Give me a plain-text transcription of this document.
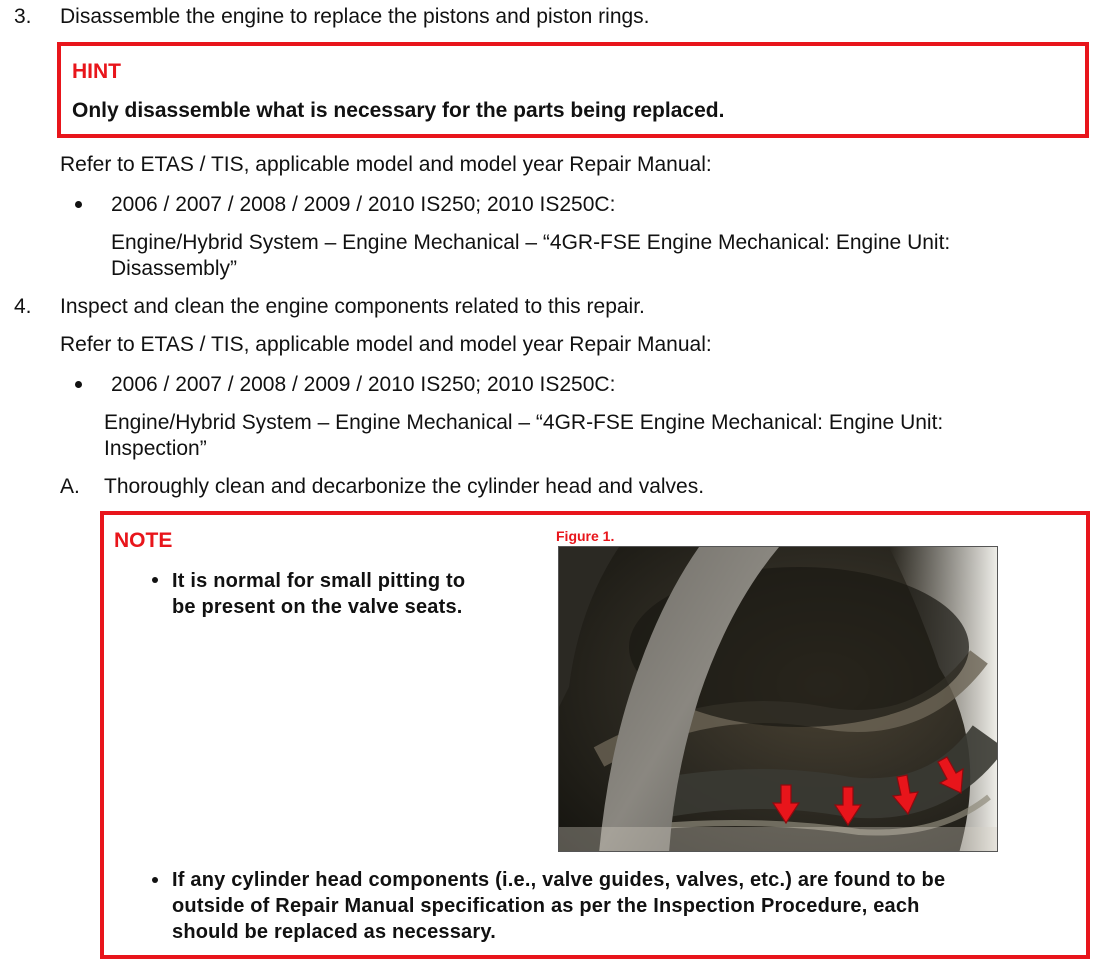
3. Disassemble the engine to replace the pistons and piston rings.
HINT
Only disassemble what is necessary for the parts being replaced.
Refer to ETAS / TIS, applicable model and model year Repair Manual:
2006 / 2007 / 2008 / 2009 / 2010 IS250; 2010 IS250C:
Engine/Hybrid System – Engine Mechanical – “4GR-FSE Engine Mechanical: Engine Unit:
Disassembly”
4. Inspect and clean the engine components related to this repair.
Refer to ETAS / TIS, applicable model and model year Repair Manual:
2006 / 2007 / 2008 / 2009 / 2010 IS250; 2010 IS250C:
Engine/Hybrid System – Engine Mechanical – “4GR-FSE Engine Mechanical: Engine Unit:
Inspection”
A. Thoroughly clean and decarbonize the cylinder head and valves.
NOTE
It is normal for small pitting to
be present on the valve seats.
Figure 1.
If any cylinder head components (i.e., valve guides, valves, etc.) are found to be
outside of Repair Manual specification as per the Inspection Procedure, each
should be replaced as necessary.
